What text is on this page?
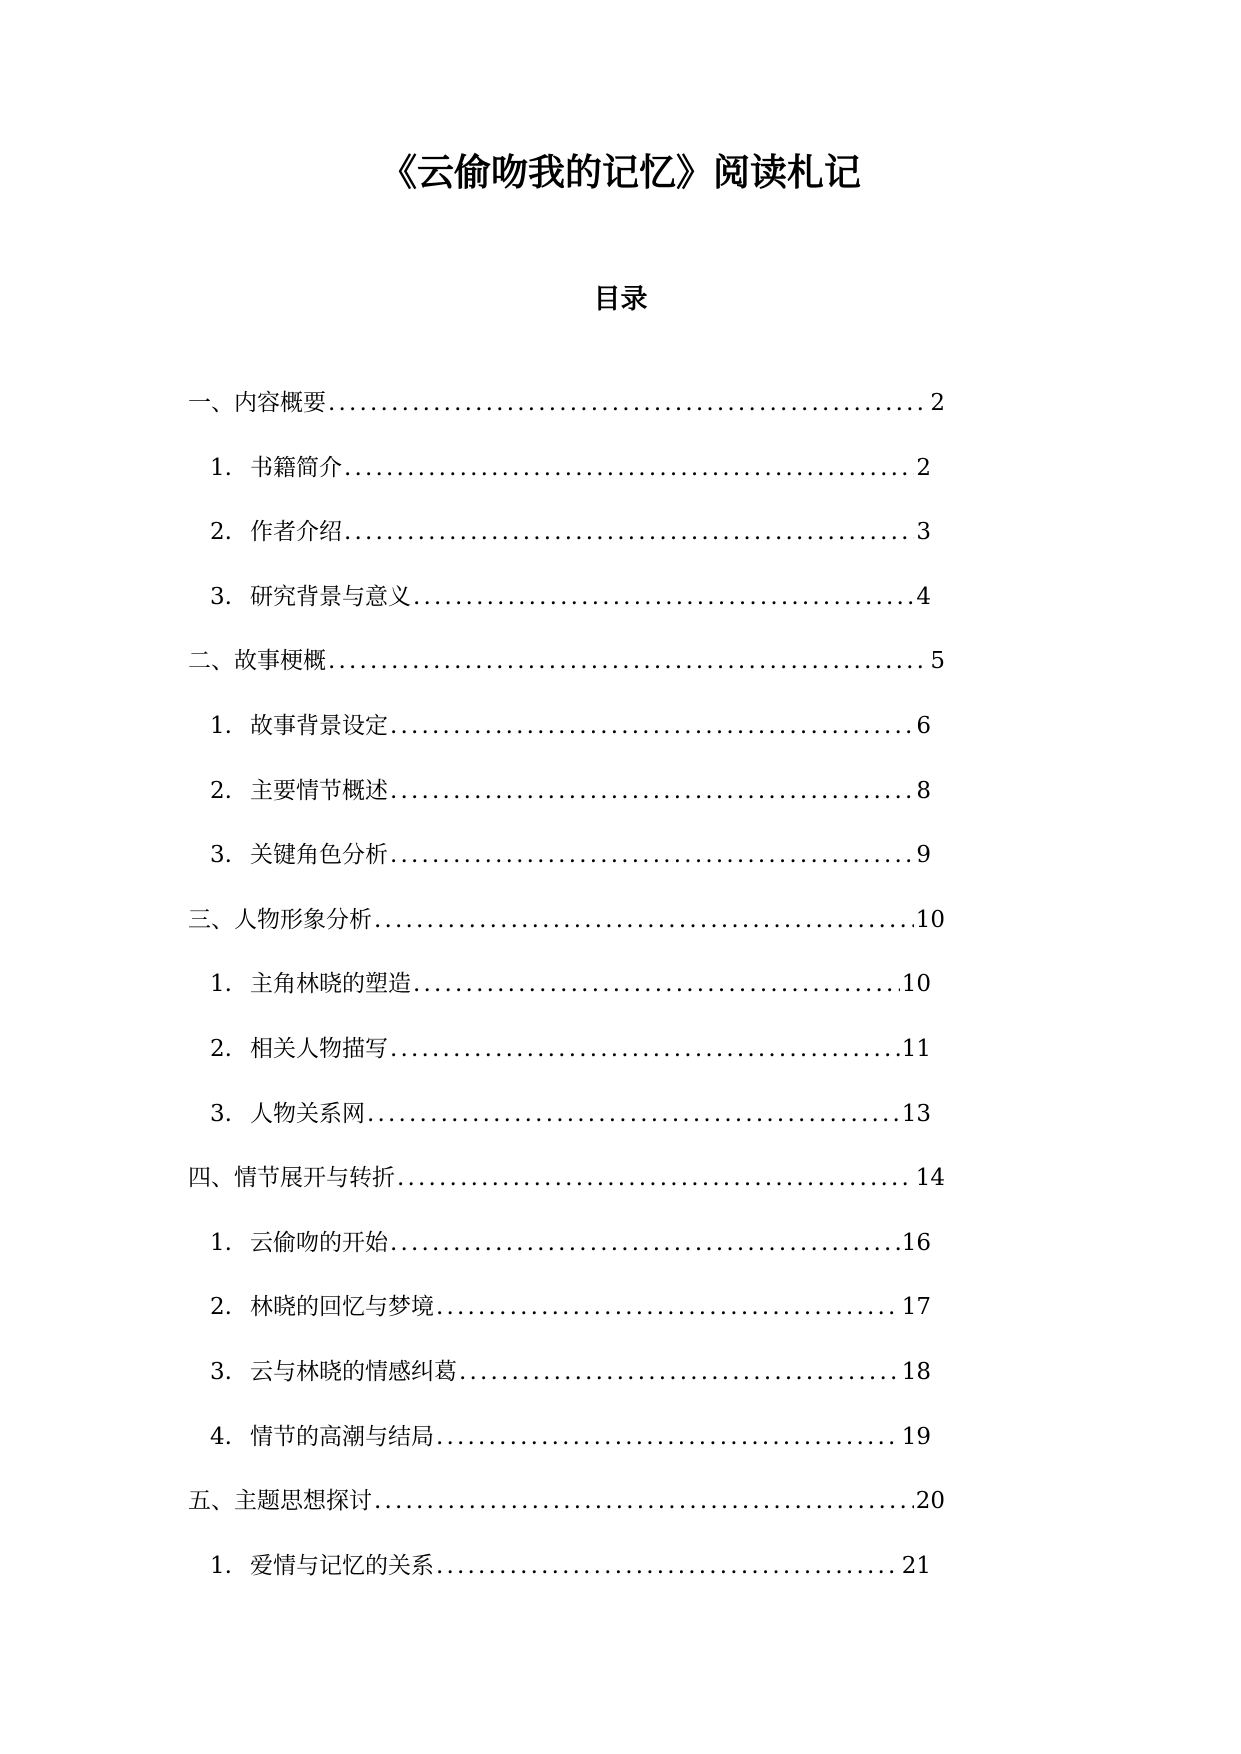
《云偷吻我的记忆》阅读札记
目录
一、内容概要 .....	2
1. 书籍简介 .....	2
2. 作者介绍 .....	3
3. 研究背景与意义 .....	4
二、故事梗概 .....	5
1. 故事背景设定 .....	6
2. 主要情节概述 .....	8
3. 关键角色分析 .....	9
三、人物形象分析 .....	10
1. 主角林晓的塑造 .....	10
2. 相关人物描写 .....	11
3. 人物关系网 .....	13
四、情节展开与转折 .....	14
1. 云偷吻的开始 .....	16
2. 林晓的回忆与梦境 .....	17
3. 云与林晓的情感纠葛 .....	18
4. 情节的高潮与结局 .....	19
五、主题思想探讨 .....	20
1. 爱情与记忆的关系 .....	21
